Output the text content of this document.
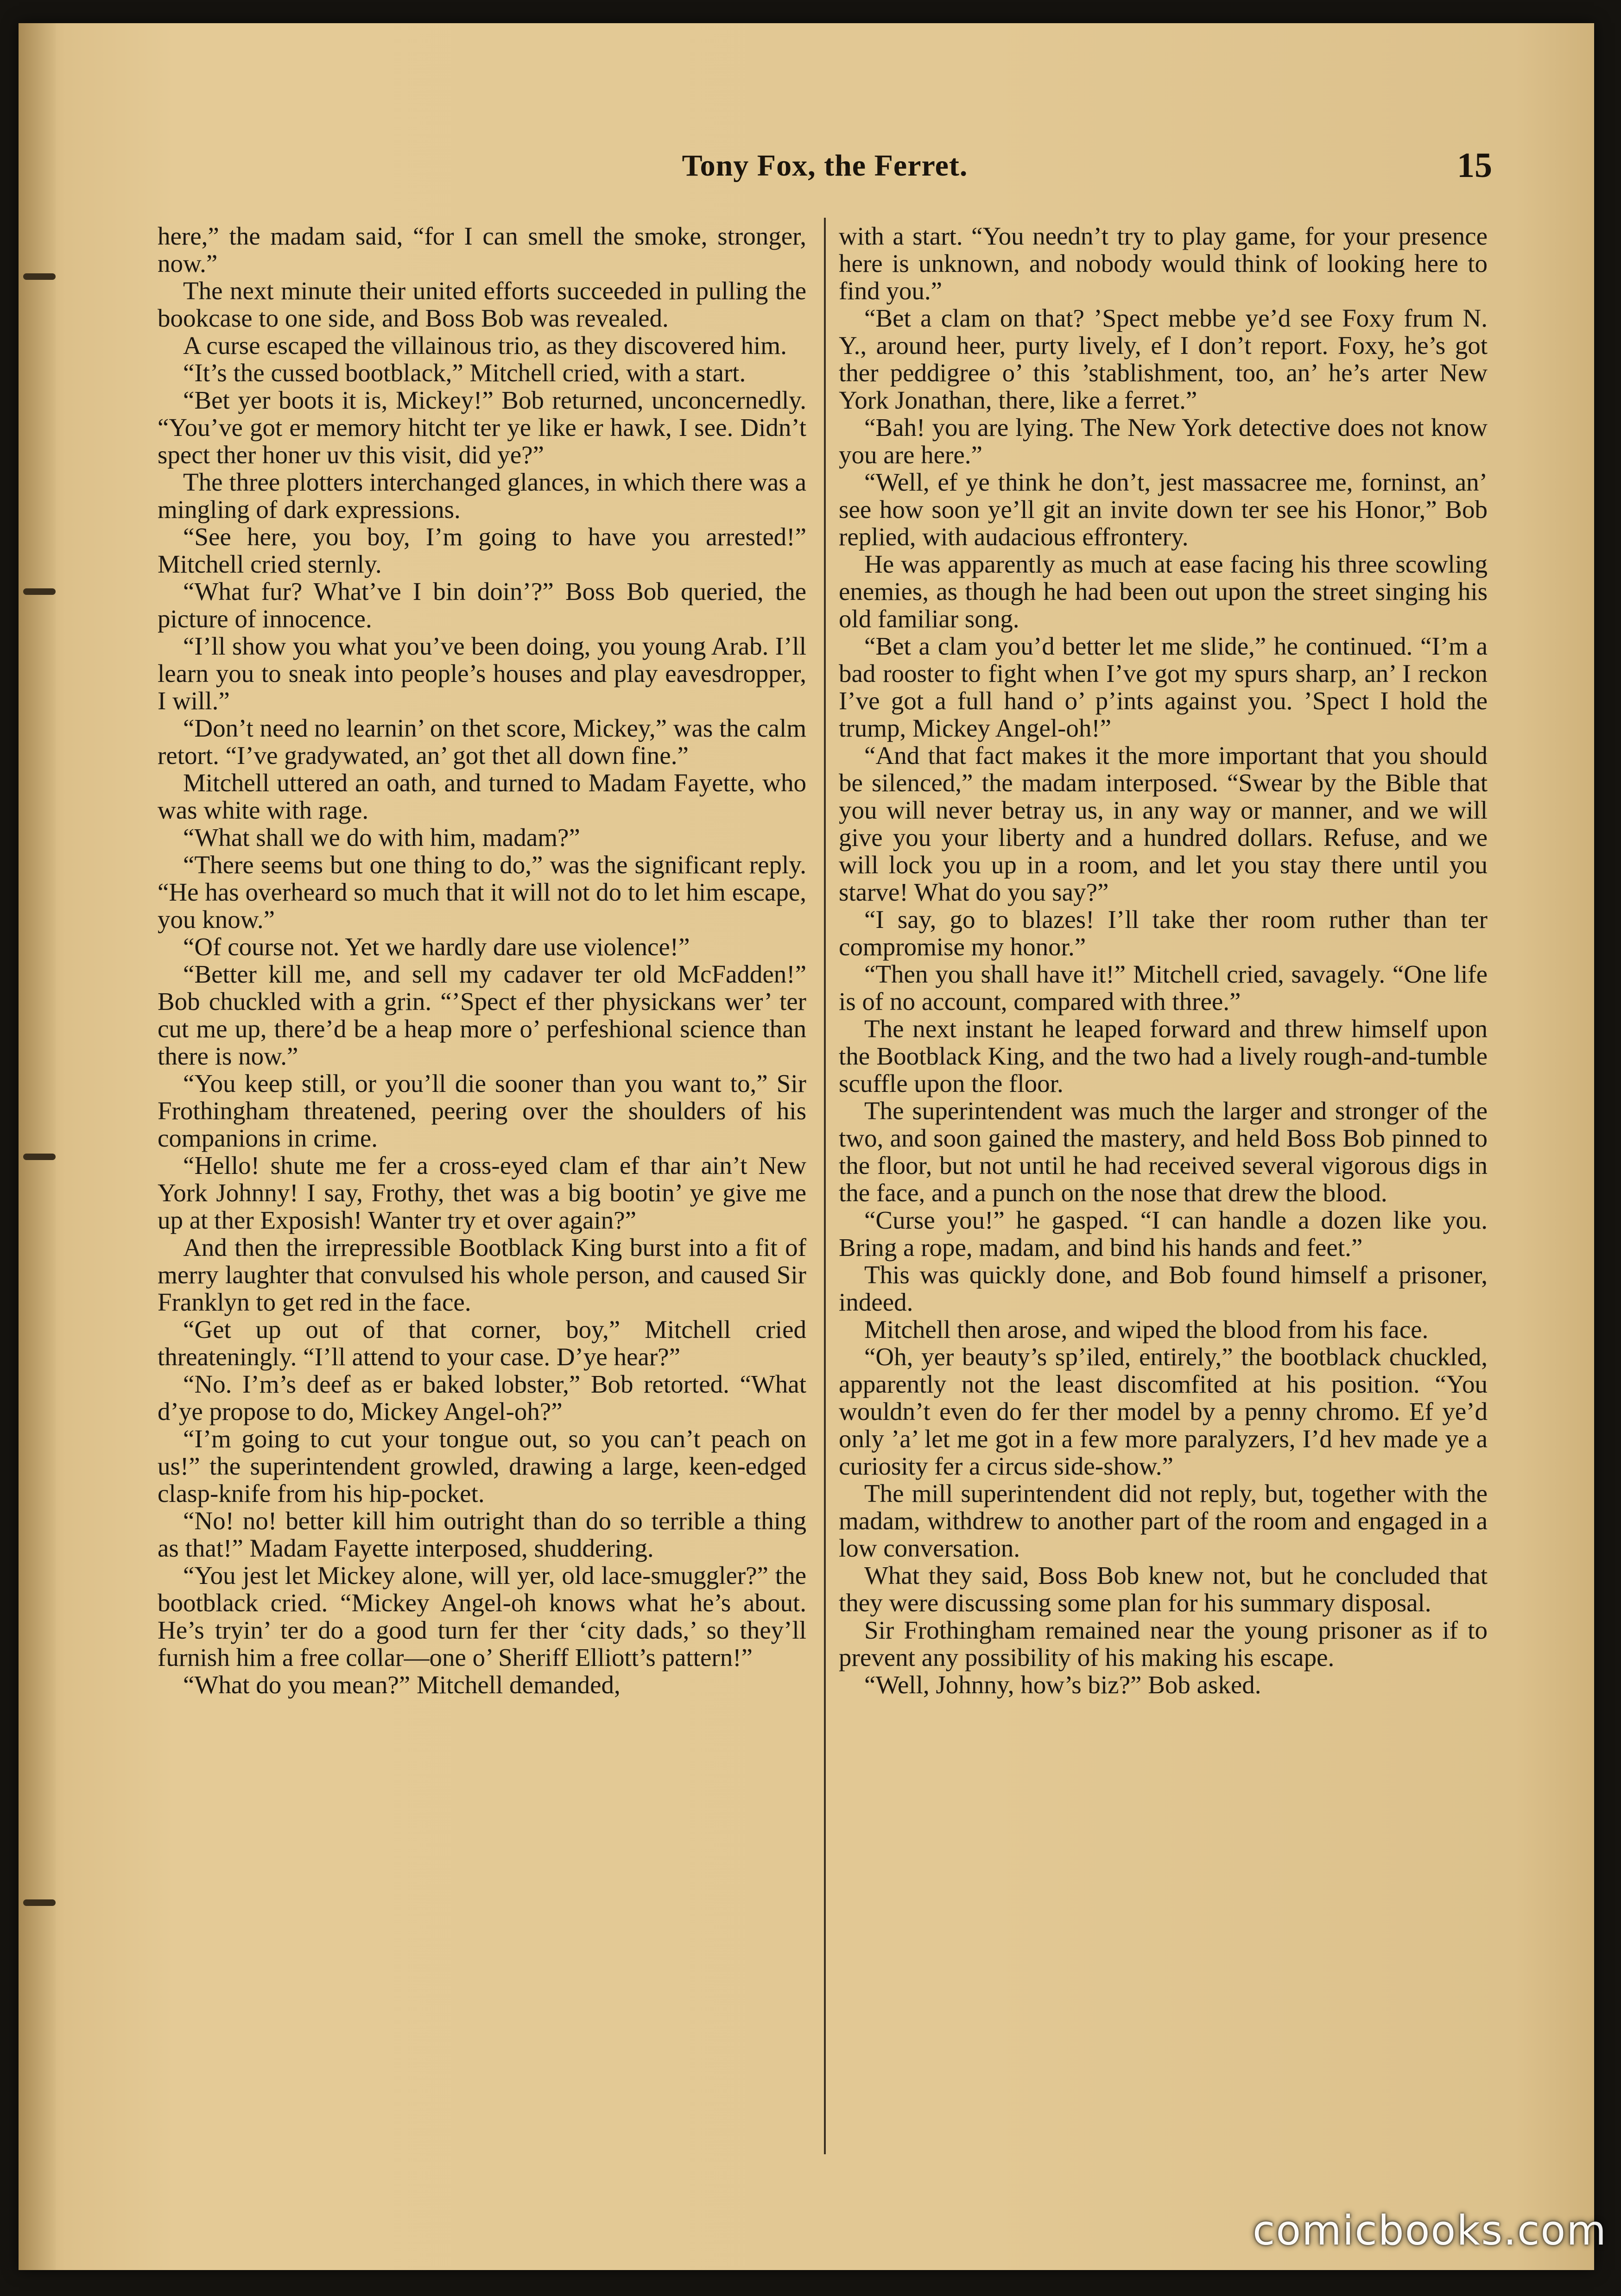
Tony Fox, the Ferret.	15

here,” the madam said, “for I can smell the smoke, stronger, now.”

The next minute their united efforts succeeded in pulling the bookcase to one side, and Boss Bob was revealed.

A curse escaped the villainous trio, as they discovered him.

“It’s the cussed bootblack,” Mitchell cried, with a start.

“Bet yer boots it is, Mickey!” Bob returned, unconcernedly. “You’ve got er memory hitcht ter ye like er hawk, I see. Didn’t spect ther honer uv this visit, did ye?”

The three plotters interchanged glances, in which there was a mingling of dark expressions.

“See here, you boy, I’m going to have you arrested!” Mitchell cried sternly.

“What fur? What’ve I bin doin’?” Boss Bob queried, the picture of innocence.

“I’ll show you what you’ve been doing, you young Arab. I’ll learn you to sneak into people’s houses and play eavesdropper, I will.”

“Don’t need no learnin’ on thet score, Mickey,” was the calm retort. “I’ve gradywated, an’ got thet all down fine.”

Mitchell uttered an oath, and turned to Madam Fayette, who was white with rage.

“What shall we do with him, madam?”

“There seems but one thing to do,” was the significant reply. “He has overheard so much that it will not do to let him escape, you know.”

“Of course not. Yet we hardly dare use violence!”

“Better kill me, and sell my cadaver ter old McFadden!” Bob chuckled with a grin. “’Spect ef ther physickans wer’ ter cut me up, there’d be a heap more o’ perfeshional science than there is now.”

“You keep still, or you’ll die sooner than you want to,” Sir Frothingham threatened, peering over the shoulders of his companions in crime.

“Hello! shute me fer a cross-eyed clam ef thar ain’t New York Johnny! I say, Frothy, thet was a big bootin’ ye give me up at ther Exposish! Wanter try et over again?”

And then the irrepressible Bootblack King burst into a fit of merry laughter that convulsed his whole person, and caused Sir Franklyn to get red in the face.

“Get up out of that corner, boy,” Mitchell cried threateningly. “I’ll attend to your case. D’ye hear?”

“No. I’m’s deef as er baked lobster,” Bob retorted. “What d’ye propose to do, Mickey Angel-oh?”

“I’m going to cut your tongue out, so you can’t peach on us!” the superintendent growled, drawing a large, keen-edged clasp-knife from his hip-pocket.

“No! no! better kill him outright than do so terrible a thing as that!” Madam Fayette interposed, shuddering.

“You jest let Mickey alone, will yer, old lace-smuggler?” the bootblack cried. “Mickey Angel-oh knows what he’s about. He’s tryin’ ter do a good turn fer ther ‘city dads,’ so they’ll furnish him a free collar—one o’ Sheriff Elliott’s pattern!”

“What do you mean?” Mitchell demanded,

with a start. “You needn’t try to play game, for your presence here is unknown, and nobody would think of looking here to find you.”

“Bet a clam on that? ’Spect mebbe ye’d see Foxy frum N. Y., around heer, purty lively, ef I don’t report. Foxy, he’s got ther peddigree o’ this ’stablishment, too, an’ he’s arter New York Jonathan, there, like a ferret.”

“Bah! you are lying. The New York detective does not know you are here.”

“Well, ef ye think he don’t, jest massacree me, forninst, an’ see how soon ye’ll git an invite down ter see his Honor,” Bob replied, with audacious effrontery.

He was apparently as much at ease facing his three scowling enemies, as though he had been out upon the street singing his old familiar song.

“Bet a clam you’d better let me slide,” he continued. “I’m a bad rooster to fight when I’ve got my spurs sharp, an’ I reckon I’ve got a full hand o’ p’ints against you. ’Spect I hold the trump, Mickey Angel-oh!”

“And that fact makes it the more important that you should be silenced,” the madam interposed. “Swear by the Bible that you will never betray us, in any way or manner, and we will give you your liberty and a hundred dollars. Refuse, and we will lock you up in a room, and let you stay there until you starve! What do you say?”

“I say, go to blazes! I’ll take ther room ruther than ter compromise my honor.”

“Then you shall have it!” Mitchell cried, savagely. “One life is of no account, compared with three.”

The next instant he leaped forward and threw himself upon the Bootblack King, and the two had a lively rough-and-tumble scuffle upon the floor.

The superintendent was much the larger and stronger of the two, and soon gained the mastery, and held Boss Bob pinned to the floor, but not until he had received several vigorous digs in the face, and a punch on the nose that drew the blood.

“Curse you!” he gasped. “I can handle a dozen like you. Bring a rope, madam, and bind his hands and feet.”

This was quickly done, and Bob found himself a prisoner, indeed.

Mitchell then arose, and wiped the blood from his face.

“Oh, yer beauty’s sp’iled, entirely,” the bootblack chuckled, apparently not the least discomfited at his position. “You wouldn’t even do fer ther model by a penny chromo. Ef ye’d only ’a’ let me got in a few more paralyzers, I’d hev made ye a curiosity fer a circus side-show.”

The mill superintendent did not reply, but, together with the madam, withdrew to another part of the room and engaged in a low conversation.

What they said, Boss Bob knew not, but he concluded that they were discussing some plan for his summary disposal.

Sir Frothingham remained near the young prisoner as if to prevent any possibility of his making his escape.

“Well, Johnny, how’s biz?” Bob asked.

comicbooks.com
